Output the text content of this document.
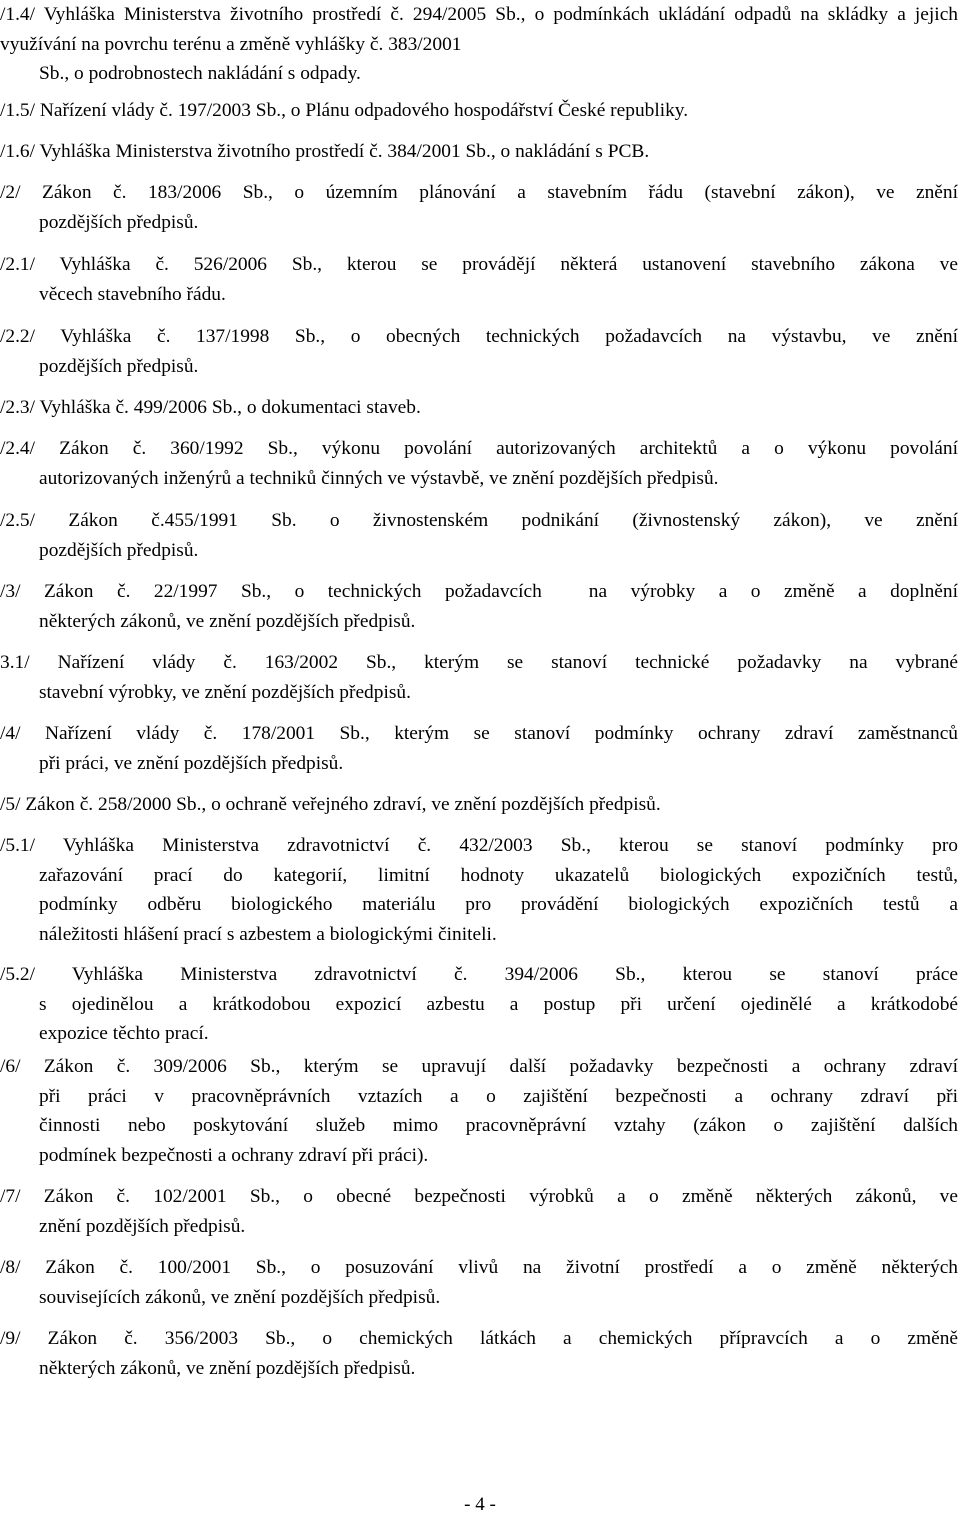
/1.4/ Vyhláška Ministerstva životního prostředí č. 294/2005 Sb., o podmínkách ukládání odpadů na skládky a jejich využívání na povrchu terénu a změně vyhlášky č. 383/2001
Sb., o podrobnostech nakládání s odpady.
/1.5/ Nařízení vlády č. 197/2003 Sb., o Plánu odpadového hospodářství České republiky.
/1.6/ Vyhláška Ministerstva životního prostředí č. 384/2001 Sb., o nakládání s PCB.
/2/ Zákon č. 183/2006 Sb., o územním plánování a stavebním řádu (stavební zákon), ve znění
pozdějších předpisů.
/2.1/ Vyhláška č. 526/2006 Sb., kterou se provádějí některá ustanovení stavebního zákona ve
věcech stavebního řádu.
/2.2/ Vyhláška č. 137/1998 Sb., o obecných technických požadavcích na výstavbu, ve znění
pozdějších předpisů.
/2.3/ Vyhláška č. 499/2006 Sb., o dokumentaci staveb.
/2.4/ Zákon č. 360/1992 Sb., výkonu povolání autorizovaných architektů a o výkonu povolání
autorizovaných inženýrů a techniků činných ve výstavbě, ve znění pozdějších předpisů.
/2.5/ Zákon č.455/1991 Sb. o živnostenském podnikání (živnostenský zákon), ve znění
pozdějších předpisů.
/3/ Zákon č. 22/1997 Sb., o technických požadavcích  na výrobky a o změně a doplnění
některých zákonů, ve znění pozdějších předpisů.
3.1/ Nařízení vlády č. 163/2002 Sb., kterým se stanoví technické požadavky na vybrané
stavební výrobky, ve znění pozdějších předpisů.
/4/ Nařízení vlády č. 178/2001 Sb., kterým se stanoví podmínky ochrany zdraví zaměstnanců
při práci, ve znění pozdějších předpisů.
/5/ Zákon č. 258/2000 Sb., o ochraně veřejného zdraví, ve znění pozdějších předpisů.
/5.1/ Vyhláška Ministerstva zdravotnictví č. 432/2003 Sb., kterou se stanoví podmínky pro
zařazování prací do kategorií, limitní hodnoty ukazatelů biologických expozičních testů,
podmínky odběru biologického materiálu pro provádění biologických expozičních testů a
náležitosti hlášení prací s azbestem a biologickými činiteli.
/5.2/ Vyhláška Ministerstva zdravotnictví č. 394/2006 Sb., kterou se stanoví práce
s ojedinělou a krátkodobou expozicí azbestu a postup při určení ojedinělé a krátkodobé
expozice těchto prací.
/6/ Zákon č. 309/2006 Sb., kterým se upravují další požadavky bezpečnosti a ochrany zdraví
při práci v pracovněprávních vztazích a o zajištění bezpečnosti a ochrany zdraví při
činnosti nebo poskytování služeb mimo pracovněprávní vztahy (zákon o zajištění dalších
podmínek bezpečnosti a ochrany zdraví při práci).
/7/ Zákon č. 102/2001 Sb., o obecné bezpečnosti výrobků a o změně některých zákonů, ve
znění pozdějších předpisů.
/8/ Zákon č. 100/2001 Sb., o posuzování vlivů na životní prostředí a o změně některých
souvisejících zákonů, ve znění pozdějších předpisů.
/9/ Zákon č. 356/2003 Sb., o chemických látkách a chemických přípravcích a o změně
některých zákonů, ve znění pozdějších předpisů.
- 4 -
